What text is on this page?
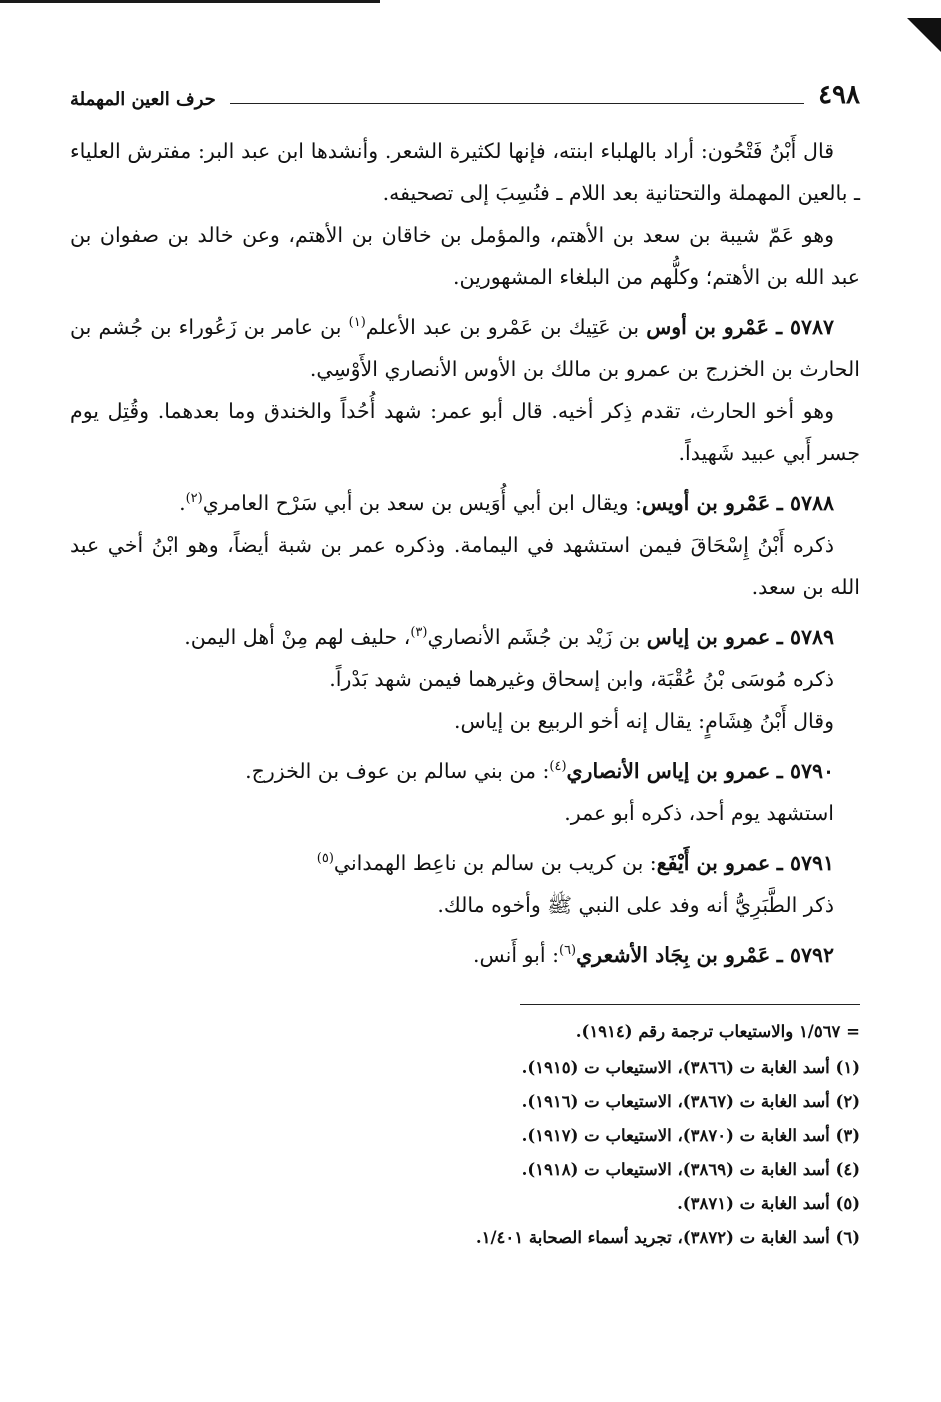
٤٩٨
حرف العين المهملة

قال أَبْنُ فَتْحُون: أراد بالهلباء ابنته، فإنها لكثيرة الشعر. وأنشدها ابن عبد البر: مفترش العلياء ـ بالعين المهملة والتحتانية بعد اللام ـ فنُسِبَ إلى تصحيفه.

وهو عَمّ شيبة بن سعد بن الأهتم، والمؤمل بن خاقان بن الأهتم، وعن خالد بن صفوان بن عبد الله بن الأهتم؛ وكلُّهم من البلغاء المشهورين.

٥٧٨٧ ـ عَمْرو بن أوس بن عَتِيك بن عَمْرو بن عبد الأعلم$^{(١)}$ بن عامر بن زَعُوراء بن جُشم بن الحارث بن الخزرج بن عمرو بن مالك بن الأوس الأنصاري الأَوْسِي.

وهو أخو الحارث، تقدم ذِكر أخيه. قال أبو عمر: شهد أُحُداً والخندق وما بعدهما. وقُتِل يوم جسر أَبي عبيد شَهيداً.

٥٧٨٨ ـ عَمْرو بن أويس: ويقال ابن أبي أُوَيس بن سعد بن أبي سَرْح العامري$^{(٢)}$.

ذكره أَبْنُ إِسْحَاقَ فيمن استشهد في اليمامة. وذكره عمر بن شبة أيضاً، وهو ابْنُ أخي عبد الله بن سعد.

٥٧٨٩ ـ عمرو بن إياس بن زَيْد بن جُشَم الأنصاري$^{(٣)}$، حليف لهم مِنْ أهل اليمن.

ذكره مُوسَى بْنُ عُقْبَة، وابن إسحاق وغيرهما فيمن شهد بَدْراً.

وقال أَبْنُ هِشَامٍ: يقال إنه أخو الربيع بن إياس.

٥٧٩٠ ـ عمرو بن إياس الأنصاري$^{(٤)}$: من بني سالم بن عوف بن الخزرج.

استشهد يوم أحد، ذكره أبو عمر.

٥٧٩١ ـ عمرو بن أَيْفَع: بن كريب بن سالم بن ناعِط الهمداني$^{(٥)}$

ذكر الطَّبَرِيُّ أنه وفد على النبي ﷺ وأخوه مالك.

٥٧٩٢ ـ عَمْرو بن بِجَاد الأشعري$^{(٦)}$: أبو أَنس.

= ١/٥٦٧ والاستيعاب ترجمة رقم (١٩١٤).

(١) أسد الغابة ت (٣٨٦٦)، الاستيعاب ت (١٩١٥).

(٢) أسد الغابة ت (٣٨٦٧)، الاستيعاب ت (١٩١٦).

(٣) أسد الغابة ت (٣٨٧٠)، الاستيعاب ت (١٩١٧).

(٤) أسد الغابة ت (٣٨٦٩)، الاستيعاب ت (١٩١٨).

(٥) أسد الغابة ت (٣٨٧١).

(٦) أسد الغابة ت (٣٨٧٢)، تجريد أسماء الصحابة ١/٤٠١.
